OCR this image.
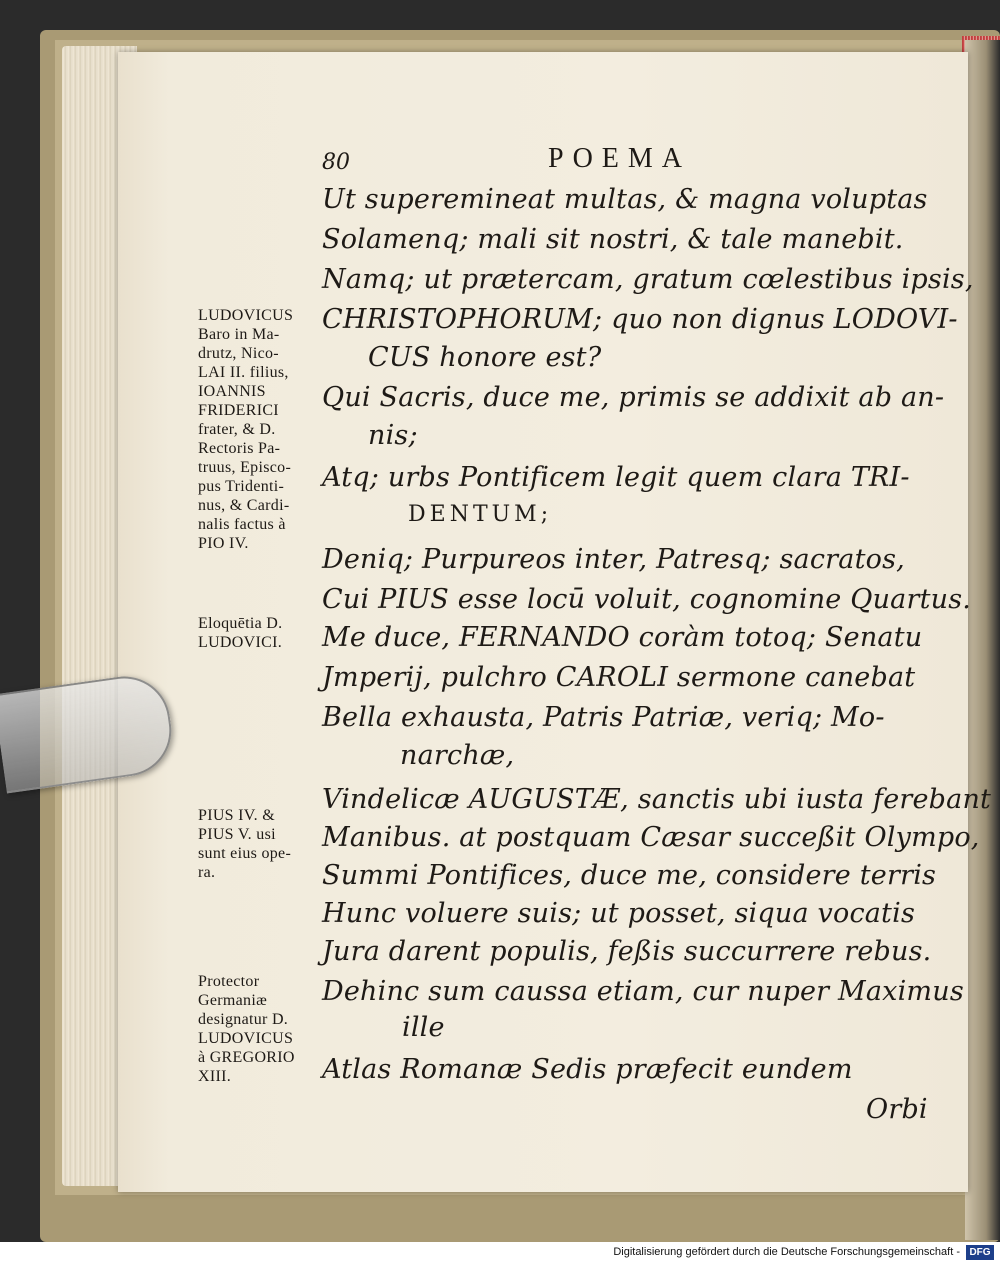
80	POEMA
Ut superemineat multas, & magna voluptas
Solamenq; mali sit nostri, & tale manebit.
Namq; ut prætercam, gratum cœlestibus ipsis,
CHRISTOPHORUM; quo non dignus LODOVI-
CUS honore est?
Qui Sacris, duce me, primis se addixit ab an-
nis;
Atq; urbs Pontificem legit quem clara TRI-
DENTUM;
Deniq; Purpureos inter, Patresq; sacratos,
Cui PIUS esse locū voluit, cognomine Quartus.
Me duce, FERNANDO coràm totoq; Senatu
Jmperij, pulchro CAROLI sermone canebat
Bella exhausta, Patris Patriæ, veriq; Mo-
narchæ,
Vindelicæ AUGUSTÆ, sanctis ubi iusta ferebant
Manibus. at postquam Cæsar succeßit Olympo,
Summi Pontifices, duce me, considere terris
Hunc voluere suis; ut posset, siqua vocatis
Jura darent populis, feßis succurrere rebus.
Dehinc sum caussa etiam, cur nuper Maximus
ille
Atlas Romanæ Sedis præfecit eundem
Orbi
LUDOVICUS
Baro in Ma-
drutz, Nico-
LAI II. filius,
IOANNIS
FRIDERICI
frater, & D.
Rectoris Pa-
truus, Episco-
pus Tridenti-
nus, & Cardi-
nalis factus à
PIO IV.
Eloquētia D.
LUDOVICI.
PIUS IV. &
PIUS V. usi
sunt eius ope-
ra.
Protector
Germaniæ
designatur D.
LUDOVICUS
à GREGORIO
XIII.
Digitalisierung gefördert durch die Deutsche Forschungsgemeinschaft - DFG
